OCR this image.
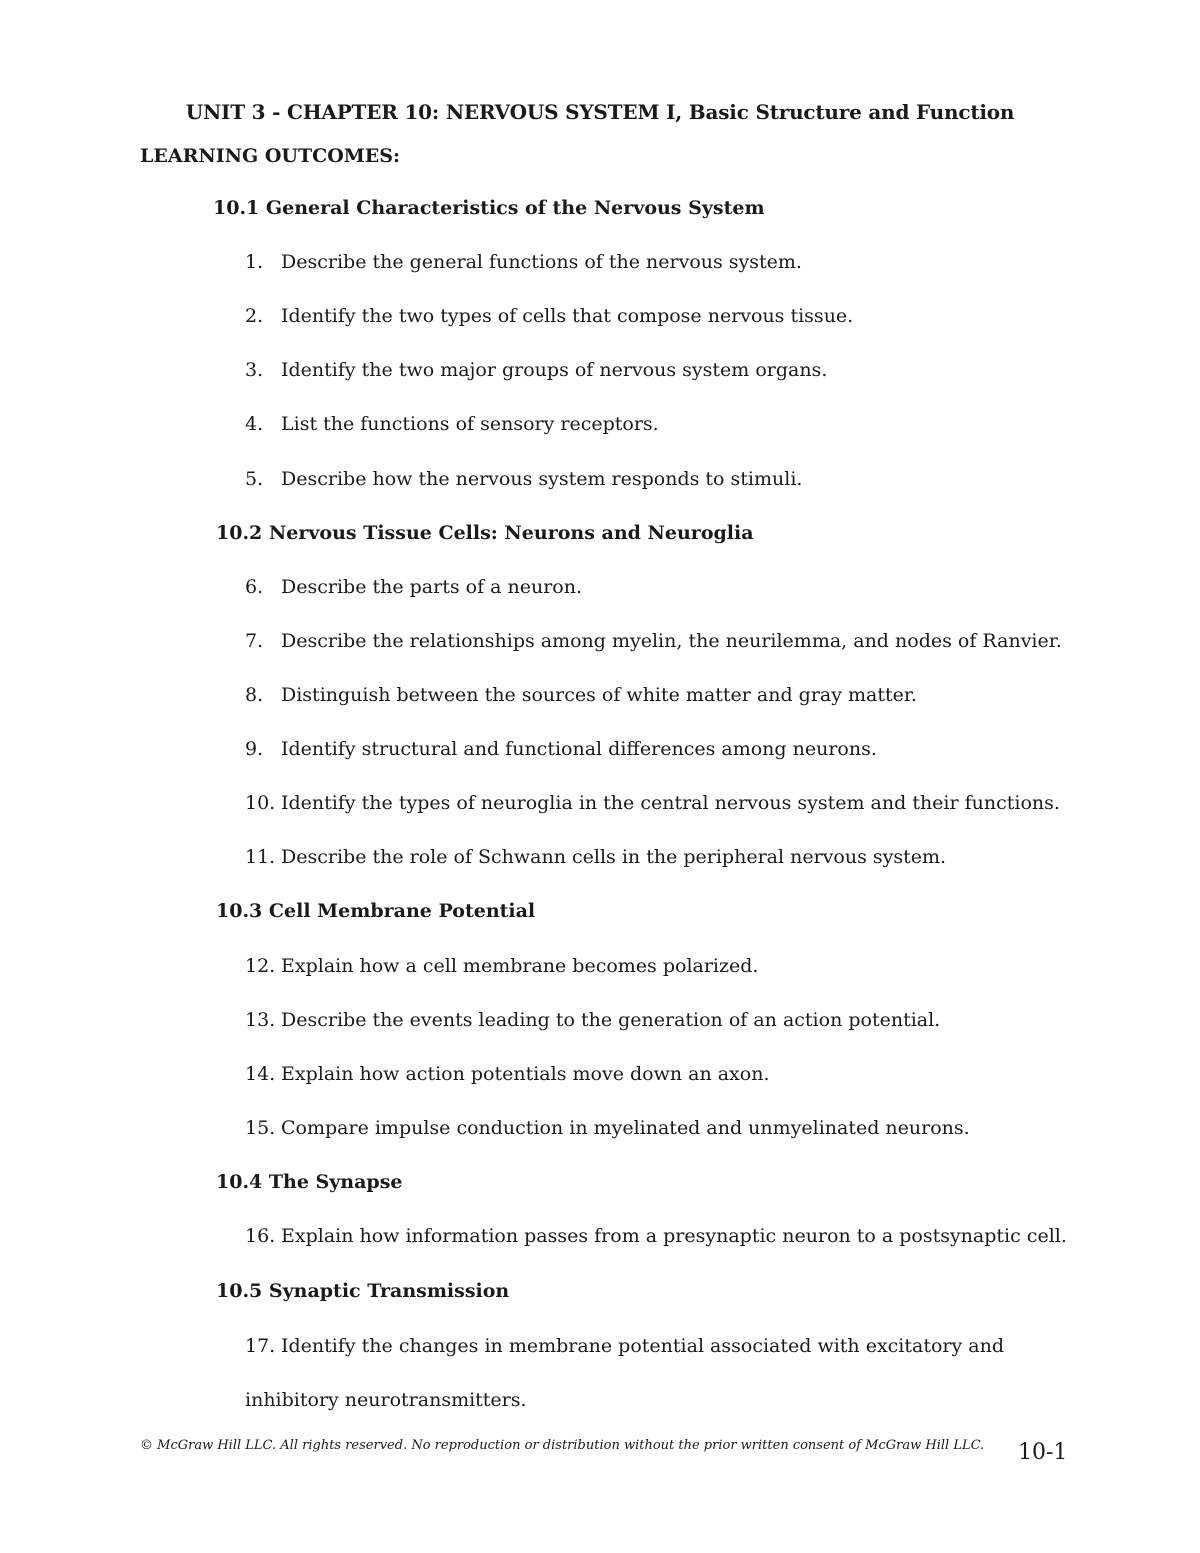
UNIT 3 - CHAPTER 10: NERVOUS SYSTEM I, Basic Structure and Function
LEARNING OUTCOMES:
10.1 General Characteristics of the Nervous System
1. Describe the general functions of the nervous system.
2. Identify the two types of cells that compose nervous tissue.
3. Identify the two major groups of nervous system organs.
4. List the functions of sensory receptors.
5. Describe how the nervous system responds to stimuli.
10.2 Nervous Tissue Cells: Neurons and Neuroglia
6. Describe the parts of a neuron.
7. Describe the relationships among myelin, the neurilemma, and nodes of Ranvier.
8. Distinguish between the sources of white matter and gray matter.
9. Identify structural and functional differences among neurons.
10. Identify the types of neuroglia in the central nervous system and their functions.
11. Describe the role of Schwann cells in the peripheral nervous system.
10.3 Cell Membrane Potential
12. Explain how a cell membrane becomes polarized.
13. Describe the events leading to the generation of an action potential.
14. Explain how action potentials move down an axon.
15. Compare impulse conduction in myelinated and unmyelinated neurons.
10.4 The Synapse
16. Explain how information passes from a presynaptic neuron to a postsynaptic cell.
10.5 Synaptic Transmission
17. Identify the changes in membrane potential associated with excitatory and inhibitory neurotransmitters.
© McGraw Hill LLC. All rights reserved. No reproduction or distribution without the prior written consent of McGraw Hill LLC. 10-1
